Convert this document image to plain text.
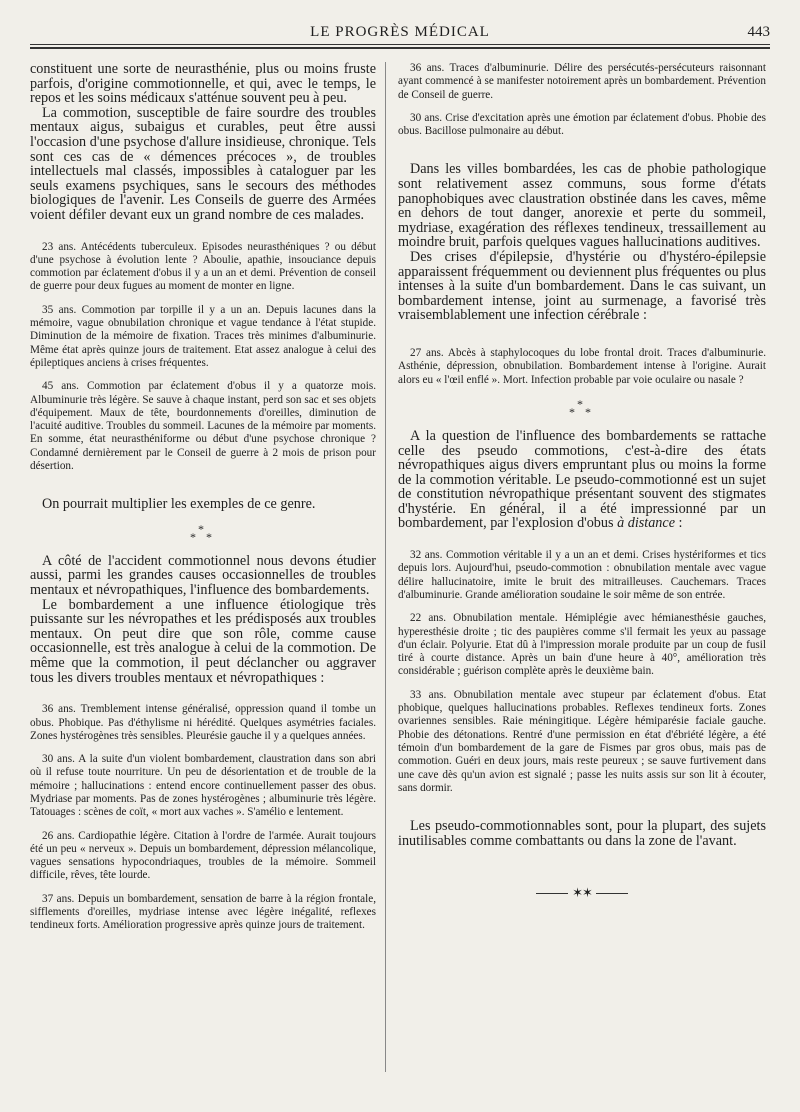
LE PROGRÈS MÉDICAL	443

constituent une sorte de neurasthénie, plus ou moins fruste parfois, d'origine commotionnelle, et qui, avec le temps, le repos et les soins médicaux s'atténue souvent peu à peu.

La commotion, susceptible de faire sourdre des troubles mentaux aigus, subaigus et curables, peut être aussi l'occasion d'une psychose d'allure insidieuse, chronique. Tels sont ces cas de « démences précoces », de troubles intellectuels mal classés, impossibles à cataloguer par les seuls examens psychiques, sans le secours des méthodes biologiques de l'avenir. Les Conseils de guerre des Armées voient défiler devant eux un grand nombre de ces malades.

23 ans. Antécédents tuberculeux. Episodes neurasthéniques ? ou début d'une psychose à évolution lente ? Aboulie, apathie, insouciance depuis commotion par éclatement d'obus il y a un an et demi. Prévention de conseil de guerre pour deux fugues au moment de monter en ligne.

35 ans. Commotion par torpille il y a un an. Depuis lacunes dans la mémoire, vague obnubilation chronique et vague tendance à l'état stupide. Diminution de la mémoire de fixation. Traces très minimes d'albuminurie. Même état après quinze jours de traitement. Etat assez analogue à celui des épileptiques anciens à crises fréquentes.

45 ans. Commotion par éclatement d'obus il y a quatorze mois. Albuminurie très légère. Se sauve à chaque instant, perd son sac et ses objets d'équipement. Maux de tête, bourdonnements d'oreilles, diminution de l'acuité auditive. Troubles du sommeil. Lacunes de la mémoire par moments. En somme, état neurasthéniforme ou début d'une psychose chronique ? Condamné dernièrement par le Conseil de guerre à 2 mois de prison pour désertion.

On pourrait multiplier les exemples de ce genre.

*
* *

A côté de l'accident commotionnel nous devons étudier aussi, parmi les grandes causes occasionnelles de troubles mentaux et névropathiques, l'influence des bombardements.

Le bombardement a une influence étiologique très puissante sur les névropathes et les prédisposés aux troubles mentaux. On peut dire que son rôle, comme cause occasionnelle, est très analogue à celui de la commotion. De même que la commotion, il peut déclancher ou aggraver tous les divers troubles mentaux et névropathiques :

36 ans. Tremblement intense généralisé, oppression quand il tombe un obus. Phobique. Pas d'éthylisme ni hérédité. Quelques asymétries faciales. Zones hystérogènes très sensibles. Pleurésie gauche il y a quelques années.

30 ans. A la suite d'un violent bombardement, claustration dans son abri où il refuse toute nourriture. Un peu de désorientation et de trouble de la mémoire ; hallucinations : entend encore continuellement passer des obus. Mydriase par moments. Pas de zones hystérogènes ; albuminurie très légère. Tatouages : scènes de coït, « mort aux vaches ». S'amélio e lentement.

26 ans. Cardiopathie légère. Citation à l'ordre de l'armée. Aurait toujours été un peu « nerveux ». Depuis un bombardement, dépression mélancolique, vagues sensations hypocondriaques, troubles de la mémoire. Sommeil difficile, rêves, tête lourde.

37 ans. Depuis un bombardement, sensation de barre à la région frontale, sifflements d'oreilles, mydriase intense avec légère inégalité, reflexes tendineux forts. Amélioration progressive après quinze jours de traitement.

36 ans. Traces d'albuminurie. Délire des persécutés-persécuteurs raisonnant ayant commencé à se manifester notoirement après un bombardement. Prévention de Conseil de guerre.

30 ans. Crise d'excitation après une émotion par éclatement d'obus. Phobie des obus. Bacillose pulmonaire au début.

Dans les villes bombardées, les cas de phobie pathologique sont relativement assez communs, sous forme d'états panophobiques avec claustration obstinée dans les caves, même en dehors de tout danger, anorexie et perte du sommeil, mydriase, exagération des réflexes tendineux, tressaillement au moindre bruit, parfois quelques vagues hallucinations auditives.

Des crises d'épilepsie, d'hystérie ou d'hystéro-épilepsie apparaissent fréquemment ou deviennent plus fréquentes ou plus intenses à la suite d'un bombardement. Dans le cas suivant, un bombardement intense, joint au surmenage, a favorisé très vraisemblablement une infection cérébrale :

27 ans. Abcès à staphylocoques du lobe frontal droit. Traces d'albuminurie. Asthénie, dépression, obnubilation. Bombardement intense à l'origine. Aurait alors eu « l'œil enflé ». Mort. Infection probable par voie oculaire ou nasale ?

*
* *

A la question de l'influence des bombardements se rattache celle des pseudo commotions, c'est-à-dire des états névropathiques aigus divers empruntant plus ou moins la forme de la commotion véritable. Le pseudo-commotionné est un sujet de constitution névropathique présentant souvent des stigmates d'hystérie. En général, il a été impressionné par un bombardement, par l'explosion d'obus à distance :

32 ans. Commotion véritable il y a un an et demi. Crises hystériformes et tics depuis lors. Aujourd'hui, pseudo-commotion : obnubilation mentale avec vague délire hallucinatoire, imite le bruit des mitrailleuses. Cauchemars. Traces d'albuminurie. Grande amélioration soudaine le soir même de son entrée.

22 ans. Obnubilation mentale. Hémiplégie avec hémianesthésie gauches, hyperesthésie droite ; tic des paupières comme s'il fermait les yeux au passage d'un éclair. Polyurie. Etat dû à l'impression morale produite par un coup de fusil tiré à courte distance. Après un bain d'une heure à 40°, amélioration très considérable ; guérison complète après le deuxième bain.

33 ans. Obnubilation mentale avec stupeur par éclatement d'obus. Etat phobique, quelques hallucinations probables. Reflexes tendineux forts. Zones ovariennes sensibles. Raie méningitique. Légère hémiparésie faciale gauche. Phobie des détonations. Rentré d'une permission en état d'ébriété légère, a été témoin d'un bombardement de la gare de Fismes par gros obus, mais pas de commotion. Guéri en deux jours, mais reste peureux ; se sauve furtivement dans une cave dès qu'un avion est signalé ; passe les nuits assis sur son lit à écouter, sans dormir.

Les pseudo-commotionnables sont, pour la plupart, des sujets inutilisables comme combattants ou dans la zone de l'avant.

✶✶
